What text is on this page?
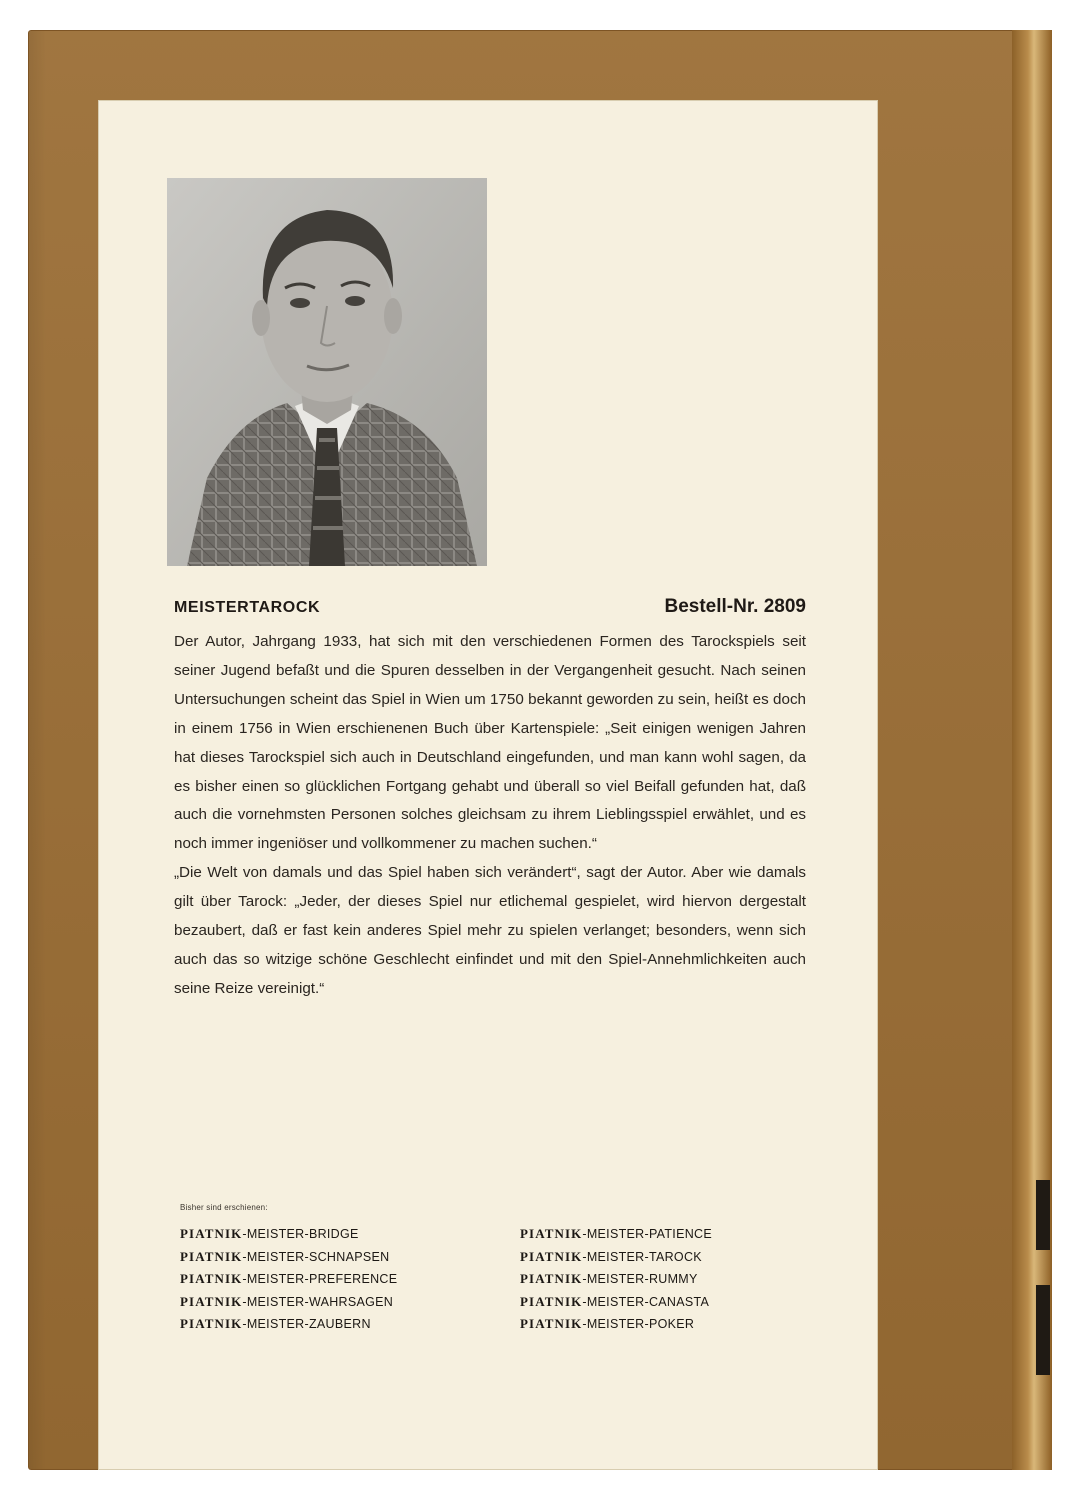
MEISTERTAROCK	Bestell-Nr. 2809

Der Autor, Jahrgang 1933, hat sich mit den verschiedenen Formen des Tarockspiels seit seiner Jugend befaßt und die Spuren desselben in der Vergangenheit gesucht. Nach seinen Untersuchungen scheint das Spiel in Wien um 1750 bekannt geworden zu sein, heißt es doch in einem 1756 in Wien erschienenen Buch über Kartenspiele: „Seit einigen wenigen Jahren hat dieses Tarockspiel sich auch in Deutschland eingefunden, und man kann wohl sagen, da es bisher einen so glücklichen Fortgang gehabt und überall so viel Beifall gefunden hat, daß auch die vornehmsten Personen solches gleichsam zu ihrem Lieblingsspiel erwählet, und es noch immer ingeniöser und vollkommener zu machen suchen.“

„Die Welt von damals und das Spiel haben sich verändert“, sagt der Autor. Aber wie damals gilt über Tarock: „Jeder, der dieses Spiel nur etlichemal gespielet, wird hiervon dergestalt bezaubert, daß er fast kein anderes Spiel mehr zu spielen verlanget; besonders, wenn sich auch das so witzige schöne Geschlecht einfindet und mit den Spiel-Annehmlichkeiten auch seine Reize vereinigt.“

Bisher sind erschienen:
PIATNIK-MEISTER-BRIDGE	PIATNIK-MEISTER-PATIENCE
PIATNIK-MEISTER-SCHNAPSEN	PIATNIK-MEISTER-TAROCK
PIATNIK-MEISTER-PREFERENCE	PIATNIK-MEISTER-RUMMY
PIATNIK-MEISTER-WAHRSAGEN	PIATNIK-MEISTER-CANASTA
PIATNIK-MEISTER-ZAUBERN	PIATNIK-MEISTER-POKER
